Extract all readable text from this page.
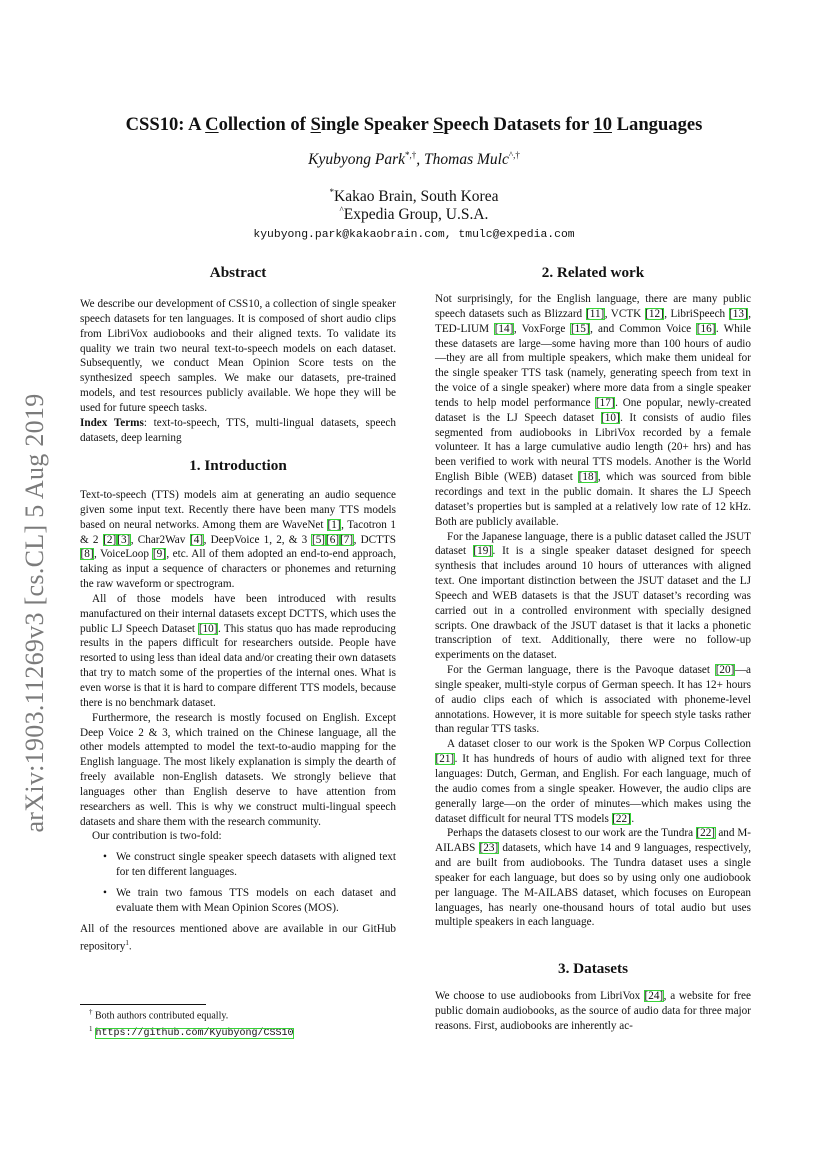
arXiv:1903.11269v3 [cs.CL] 5 Aug 2019
CSS10: A Collection of Single Speaker Speech Datasets for 10 Languages
Kyubyong Park*,†, Thomas Mulc^,†
*Kakao Brain, South Korea
^Expedia Group, U.S.A.
kyubyong.park@kakaobrain.com, tmulc@expedia.com
Abstract

We describe our development of CSS10, a collection of single speaker speech datasets for ten languages. It is composed of short audio clips from LibriVox audiobooks and their aligned texts. To validate its quality we train two neural text-to-speech models on each dataset. Subsequently, we conduct Mean Opinion Score tests on the synthesized speech samples. We make our datasets, pre-trained models, and test resources publicly available. We hope they will be used for future speech tasks.

Index Terms: text-to-speech, TTS, multi-lingual datasets, speech datasets, deep learning

1. Introduction

Text-to-speech (TTS) models aim at generating an audio sequence given some input text. Recently there have been many TTS models based on neural networks. Among them are WaveNet [1], Tacotron 1 & 2 [2][3], Char2Wav [4], DeepVoice 1, 2, & 3 [5][6][7], DCTTS [8], VoiceLoop [9], etc. All of them adopted an end-to-end approach, taking as input a sequence of characters or phonemes and returning the raw waveform or spectrogram.

All of those models have been introduced with results manufactured on their internal datasets except DCTTS, which uses the public LJ Speech Dataset [10]. This status quo has made reproducing results in the papers difficult for researchers outside. People have resorted to using less than ideal data and/or creating their own datasets that try to match some of the properties of the internal ones. What is even worse is that it is hard to compare different TTS models, because there is no benchmark dataset.

Furthermore, the research is mostly focused on English. Except Deep Voice 2 & 3, which trained on the Chinese language, all the other models attempted to model the text-to-audio mapping for the English language. The most likely explanation is simply the dearth of freely available non-English datasets. We strongly believe that languages other than English deserve to have attention from researchers as well. This is why we construct multi-lingual speech datasets and share them with the research community.

Our contribution is two-fold:

• We construct single speaker speech datasets with aligned text for ten different languages.
• We train two famous TTS models on each dataset and evaluate them with Mean Opinion Scores (MOS).

All of the resources mentioned above are available in our GitHub repository$^1$.

† Both authors contributed equally.
$^1$ https://github.com/Kyubyong/CSS10
2. Related work

Not surprisingly, for the English language, there are many public speech datasets such as Blizzard [11], VCTK [12], LibriSpeech [13], TED-LIUM [14], VoxForge [15], and Common Voice [16]. While these datasets are large—some having more than 100 hours of audio—they are all from multiple speakers, which make them unideal for the single speaker TTS task (namely, generating speech from text in the voice of a single speaker) where more data from a single speaker tends to help model performance [17]. One popular, newly-created dataset is the LJ Speech dataset [10]. It consists of audio files segmented from audiobooks in LibriVox recorded by a female volunteer. It has a large cumulative audio length (20+ hrs) and has been verified to work with neural TTS models. Another is the World English Bible (WEB) dataset [18], which was sourced from bible recordings and text in the public domain. It shares the LJ Speech dataset’s properties but is sampled at a relatively low rate of 12 kHz. Both are publicly available.

For the Japanese language, there is a public dataset called the JSUT dataset [19]. It is a single speaker dataset designed for speech synthesis that includes around 10 hours of utterances with aligned text. One important distinction between the JSUT dataset and the LJ Speech and WEB datasets is that the JSUT dataset’s recording was carried out in a controlled environment with specially designed scripts. One drawback of the JSUT dataset is that it lacks a phonetic transcription of text. Additionally, there were no follow-up experiments on the dataset.

For the German language, there is the Pavoque dataset [20]—a single speaker, multi-style corpus of German speech. It has 12+ hours of audio clips each of which is associated with phoneme-level annotations. However, it is more suitable for speech style tasks rather than regular TTS tasks.

A dataset closer to our work is the Spoken WP Corpus Collection [21]. It has hundreds of hours of audio with aligned text for three languages: Dutch, German, and English. For each language, much of the audio comes from a single speaker. However, the audio clips are generally large—on the order of minutes—which makes using the dataset difficult for neural TTS models [22].

Perhaps the datasets closest to our work are the Tundra [22] and M-AILABS [23] datasets, which have 14 and 9 languages, respectively, and are built from audiobooks. The Tundra dataset uses a single speaker for each language, but does so by using only one audiobook per language. The M-AILABS dataset, which focuses on European languages, has nearly one-thousand hours of total audio but uses multiple speakers in each language.

3. Datasets

We choose to use audiobooks from LibriVox [24], a website for free public domain audiobooks, as the source of audio data for three major reasons. First, audiobooks are inherently ac-
